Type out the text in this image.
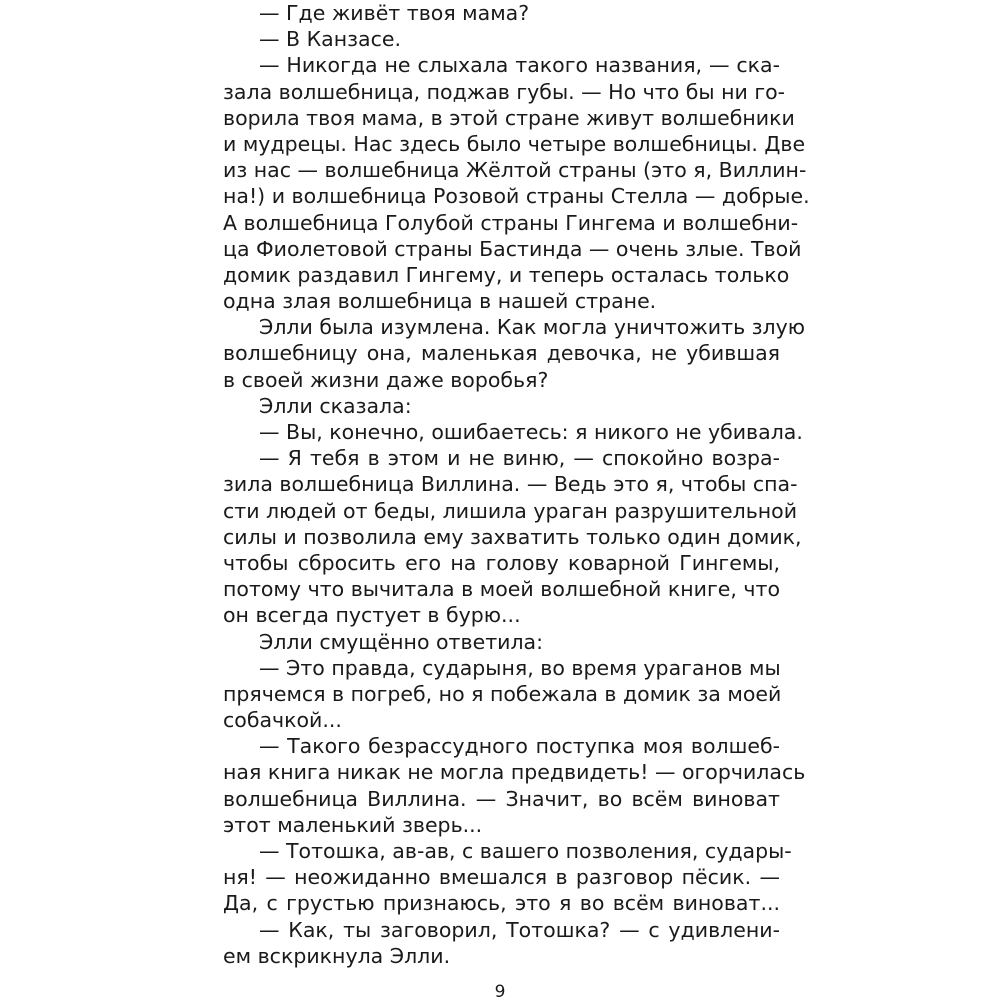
— Где живёт твоя мама?
— В Канзасе.
— Никогда не слыхала такого названия, — ска-
зала волшебница, поджав губы. — Но что бы ни го-
ворила твоя мама, в этой стране живут волшебники
и мудрецы. Нас здесь было четыре волшебницы. Две
из нас — волшебница Жёлтой страны (это я, Виллин-
на!) и волшебница Розовой страны Стелла — добрые.
А волшебница Голубой страны Гингема и волшебни-
ца Фиолетовой страны Бастинда — очень злые. Твой
домик раздавил Гингему, и теперь осталась только
одна злая волшебница в нашей стране.
Элли была изумлена. Как могла уничтожить злую
волшебницу она, маленькая девочка, не убившая
в своей жизни даже воробья?
Элли сказала:
— Вы, конечно, ошибаетесь: я никого не убивала.
— Я тебя в этом и не виню, — спокойно возра-
зила волшебница Виллина. — Ведь это я, чтобы спа-
сти людей от беды, лишила ураган разрушительной
силы и позволила ему захватить только один домик,
чтобы сбросить его на голову коварной Гингемы,
потому что вычитала в моей волшебной книге, что
он всегда пустует в бурю...
Элли смущённо ответила:
— Это правда, сударыня, во время ураганов мы
прячемся в погреб, но я побежала в домик за моей
собачкой...
— Такого безрассудного поступка моя волшеб-
ная книга никак не могла предвидеть! — огорчилась
волшебница Виллина. — Значит, во всём виноват
этот маленький зверь...
— Тотошка, ав-ав, с вашего позволения, судары-
ня! — неожиданно вмешался в разговор пёсик. —
Да, с грустью признаюсь, это я во всём виноват...
— Как, ты заговорил, Тотошка? — с удивлени-
ем вскрикнула Элли.
9
